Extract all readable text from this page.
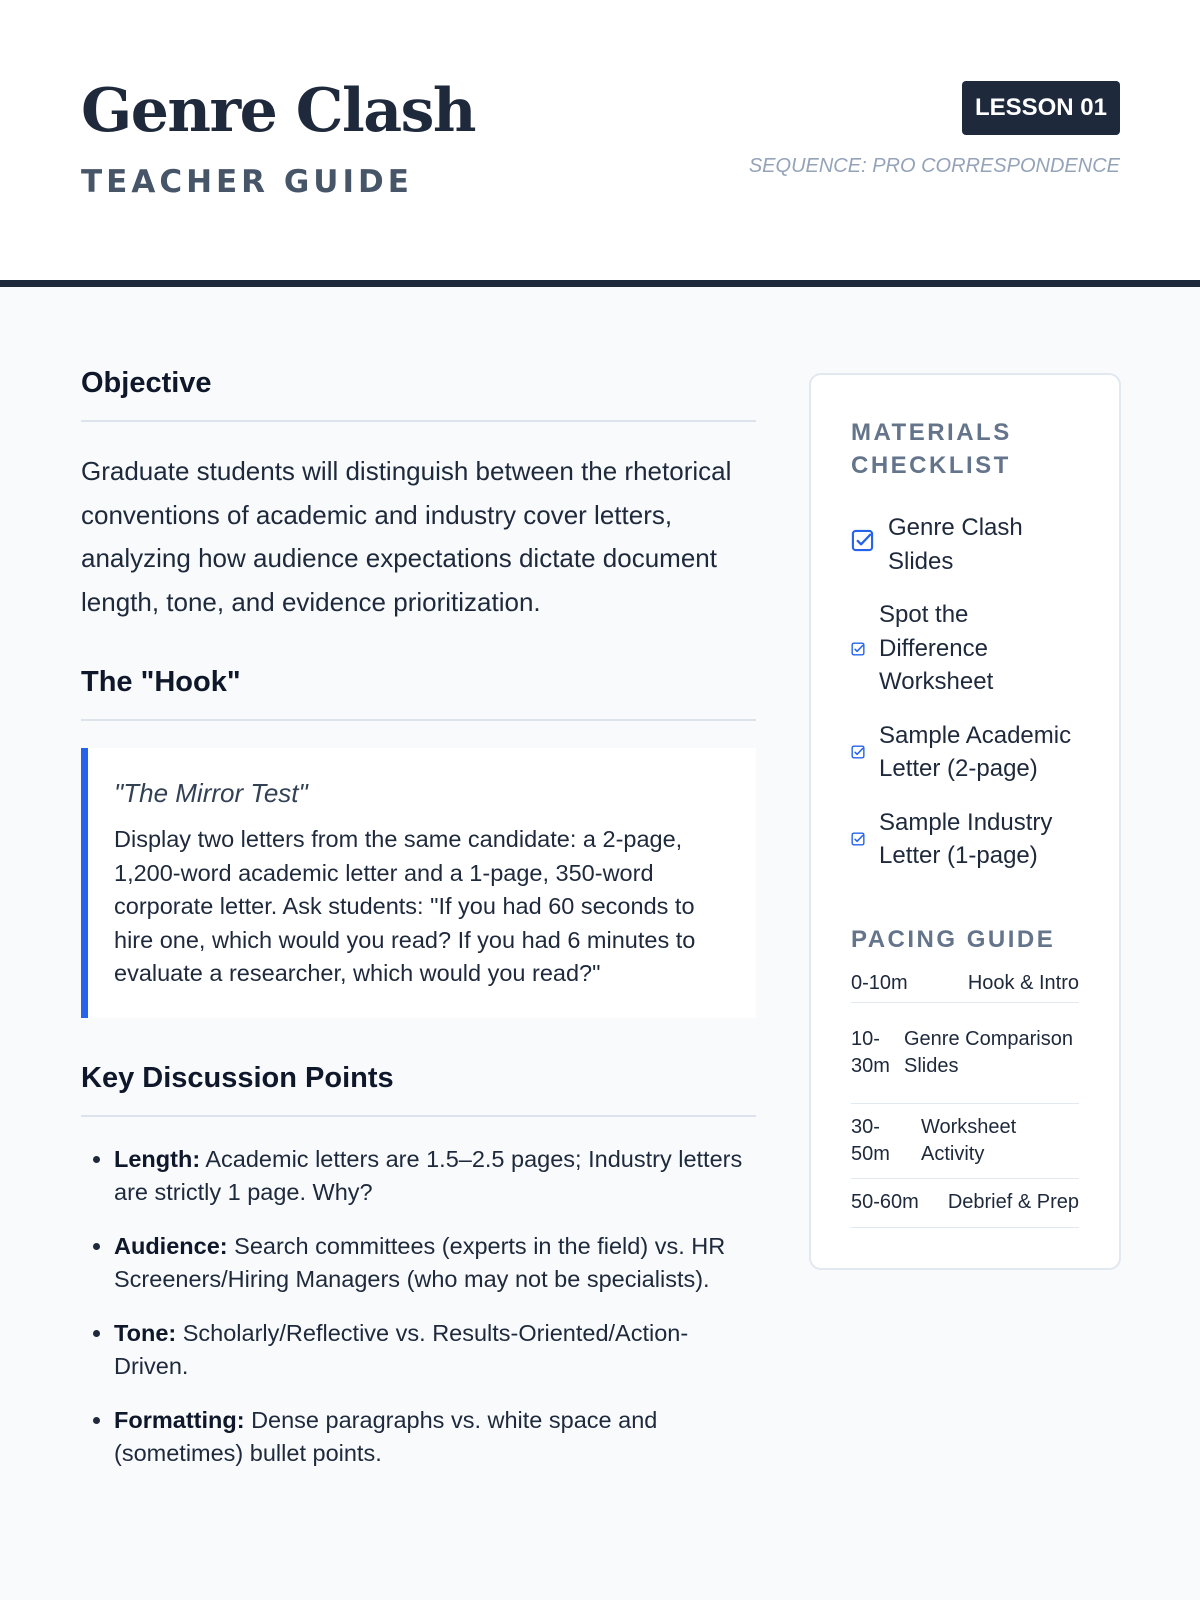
Genre Clash
TEACHER GUIDE
LESSON 01
SEQUENCE: PRO CORRESPONDENCE
Objective

Graduate students will distinguish between the rhetorical conventions of academic and industry cover letters, analyzing how audience expectations dictate document length, tone, and evidence prioritization.

The "Hook"

"The Mirror Test"

Display two letters from the same candidate: a 2-page, 1,200-word academic letter and a 1-page, 350-word corporate letter. Ask students: "If you had 60 seconds to hire one, which would you read? If you had 6 minutes to evaluate a researcher, which would you read?"

Key Discussion Points
• Length: Academic letters are 1.5–2.5 pages; Industry letters are strictly 1 page. Why?
• Audience: Search committees (experts in the field) vs. HR Screeners/Hiring Managers (who may not be specialists).
• Tone: Scholarly/Reflective vs. Results-Oriented/Action-Driven.
• Formatting: Dense paragraphs vs. white space and (sometimes) bullet points.
MATERIALS CHECKLIST
Genre Clash Slides
Spot the Difference Worksheet
Sample Academic Letter (2-page)
Sample Industry Letter (1-page)
PACING GUIDE
0-10m	Hook & Intro
10-30m
Genre Comparison Slides
30-50m
Worksheet Activity
50-60m Debrief & Prep
